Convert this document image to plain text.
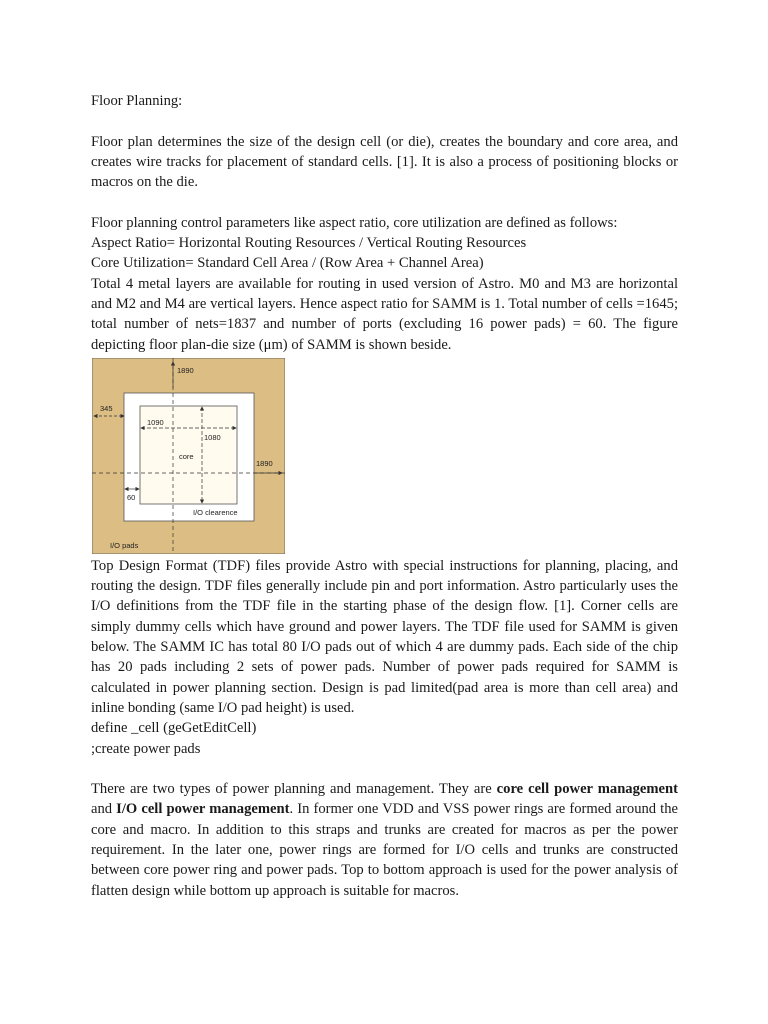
Floor Planning:

Floor plan determines the size of the design cell (or die), creates the boundary and core area, and creates wire tracks for placement of standard cells. [1]. It is also a process of positioning blocks or macros on the die.

Floor planning control parameters like aspect ratio, core utilization are defined as follows:

Aspect Ratio= Horizontal Routing Resources / Vertical Routing Resources

Core Utilization= Standard Cell Area / (Row Area + Channel Area)

Total 4 metal layers are available for routing in used version of Astro. M0 and M3 are horizontal and M2 and M4 are vertical layers. Hence aspect ratio for SAMM is 1. Total number of cells =1645; total number of nets=1837 and number of ports (excluding 16 power pads) = 60. The figure depicting floor plan-die size (μm) of SAMM is shown beside.

1890
345
1090
1080
core
1890
60
I/O clearence
I/O pads

Top Design Format (TDF) files provide Astro with special instructions for planning, placing, and routing the design. TDF files generally include pin and port information. Astro particularly uses the I/O definitions from the TDF file in the starting phase of the design flow. [1]. Corner cells are simply dummy cells which have ground and power layers. The TDF file used for SAMM is given below. The SAMM IC has total 80 I/O pads out of which 4 are dummy pads. Each side of the chip has 20 pads including 2 sets of power pads. Number of power pads required for SAMM is calculated in power planning section. Design is pad limited(pad area is more than cell area) and inline bonding (same I/O pad height) is used.

define _cell (geGetEditCell)

;create power pads

There are two types of power planning and management. They are core cell power management and I/O cell power management. In former one VDD and VSS power rings are formed around the core and macro. In addition to this straps and trunks are created for macros as per the power requirement. In the later one, power rings are formed for I/O cells and trunks are constructed between core power ring and power pads. Top to bottom approach is used for the power analysis of flatten design while bottom up approach is suitable for macros.
